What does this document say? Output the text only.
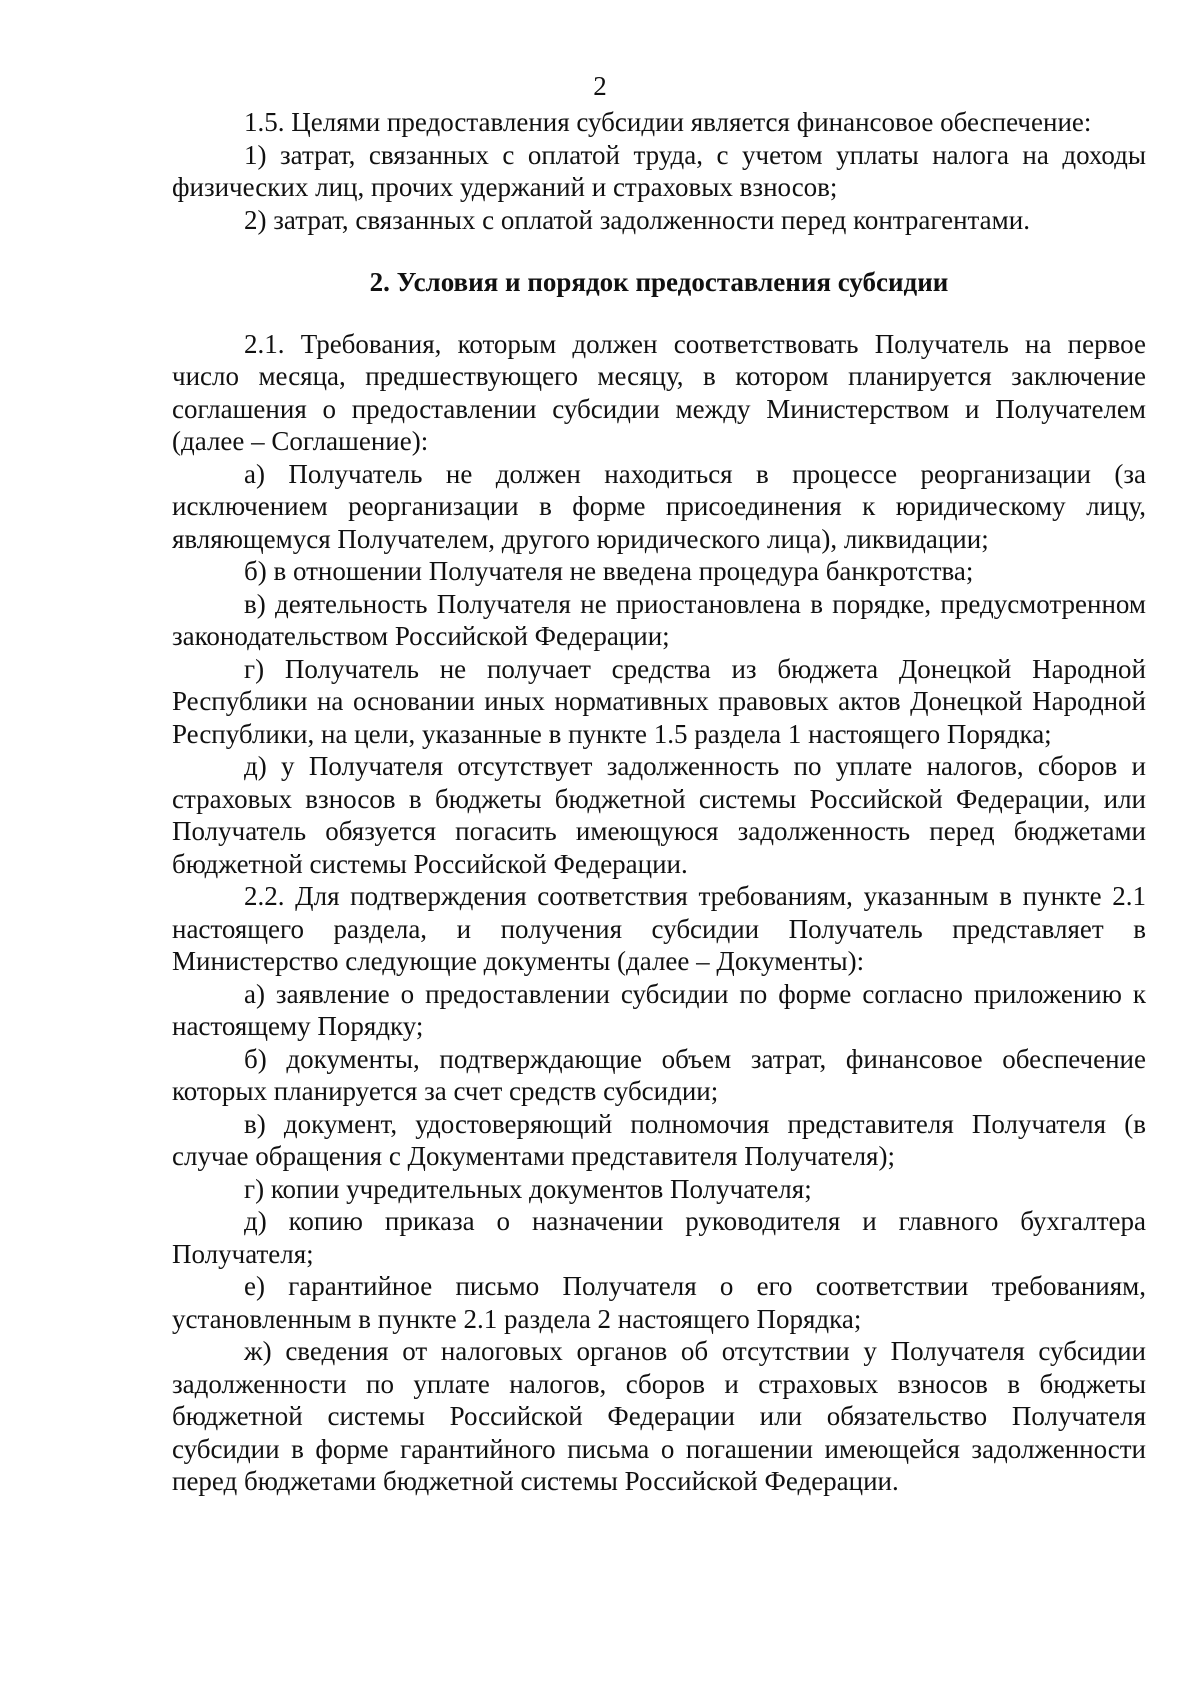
2

1.5. Целями предоставления субсидии является финансовое обеспечение:

1) затрат, связанных с оплатой труда, с учетом уплаты налога на доходы физических лиц, прочих удержаний и страховых взносов;

2) затрат, связанных с оплатой задолженности перед контрагентами.

2. Условия и порядок предоставления субсидии

2.1. Требования, которым должен соответствовать Получатель на первое число месяца, предшествующего месяцу, в котором планируется заключение соглашения о предоставлении субсидии между Министерством и Получателем (далее – Соглашение):

а) Получатель не должен находиться в процессе реорганизации (за исключением реорганизации в форме присоединения к юридическому лицу, являющемуся Получателем, другого юридического лица), ликвидации;

б) в отношении Получателя не введена процедура банкротства;

в) деятельность Получателя не приостановлена в порядке, предусмотренном законодательством Российской Федерации;

г) Получатель не получает средства из бюджета Донецкой Народной Республики на основании иных нормативных правовых актов Донецкой Народной Республики, на цели, указанные в пункте 1.5 раздела 1 настоящего Порядка;

д) у Получателя отсутствует задолженность по уплате налогов, сборов и страховых взносов в бюджеты бюджетной системы Российской Федерации, или Получатель обязуется погасить имеющуюся задолженность перед бюджетами бюджетной системы Российской Федерации.

2.2. Для подтверждения соответствия требованиям, указанным в пункте 2.1 настоящего раздела, и получения субсидии Получатель представляет в Министерство следующие документы (далее – Документы):

а) заявление о предоставлении субсидии по форме согласно приложению к настоящему Порядку;

б) документы, подтверждающие объем затрат, финансовое обеспечение которых планируется за счет средств субсидии;

в) документ, удостоверяющий полномочия представителя Получателя (в случае обращения с Документами представителя Получателя);

г) копии учредительных документов Получателя;

д) копию приказа о назначении руководителя и главного бухгалтера Получателя;

е) гарантийное письмо Получателя о его соответствии требованиям, установленным в пункте 2.1 раздела 2 настоящего Порядка;

ж) сведения от налоговых органов об отсутствии у Получателя субсидии задолженности по уплате налогов, сборов и страховых взносов в бюджеты бюджетной системы Российской Федерации или обязательство Получателя субсидии в форме гарантийного письма о погашении имеющейся задолженности перед бюджетами бюджетной системы Российской Федерации.
